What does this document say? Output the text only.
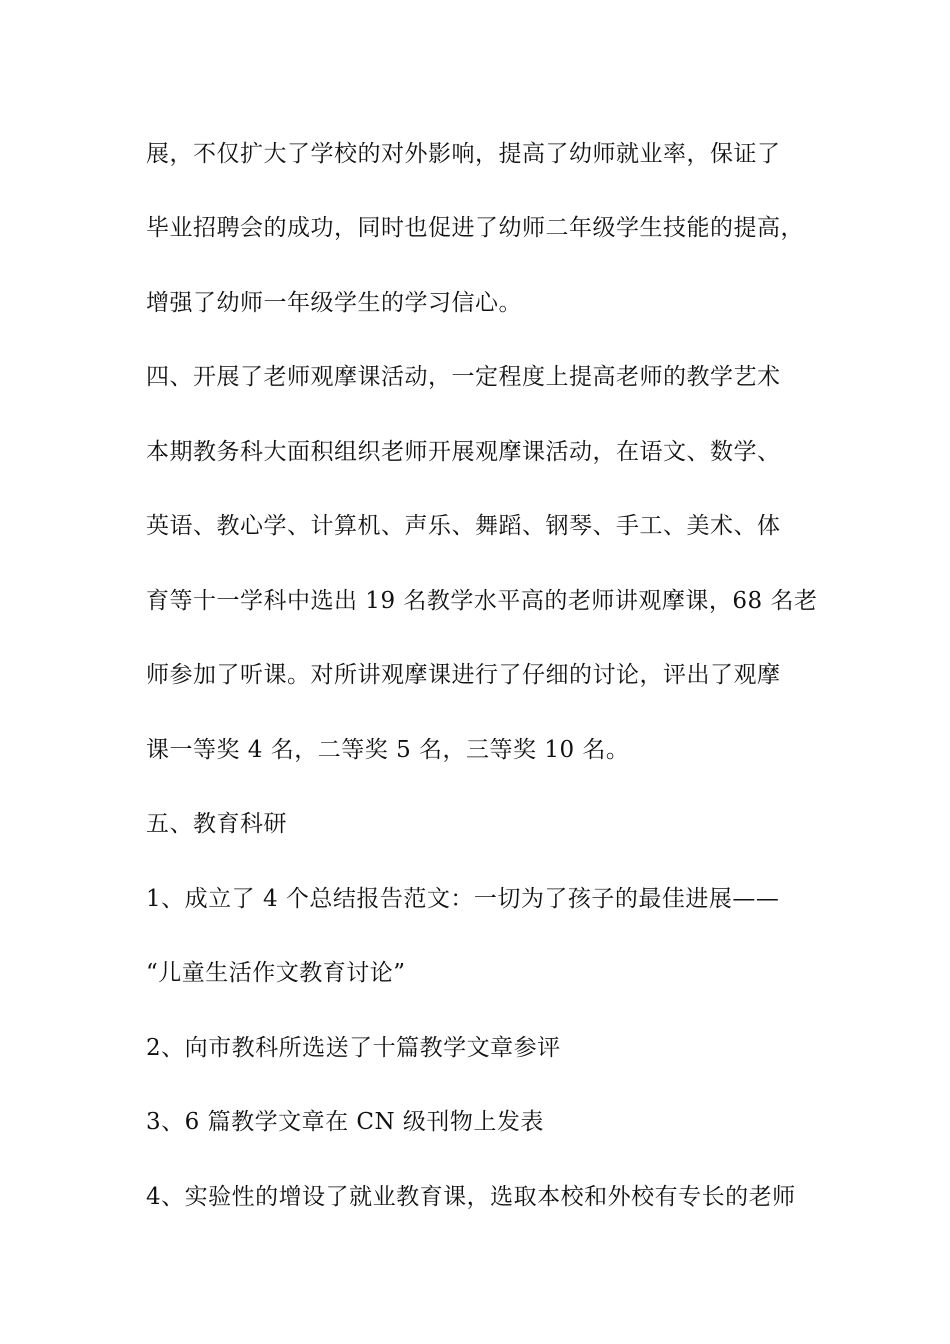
展，不仅扩大了学校的对外影响，提高了幼师就业率，保证了
毕业招聘会的成功，同时也促进了幼师二年级学生技能的提高，
增强了幼师一年级学生的学习信心。
四、开展了老师观摩课活动，一定程度上提高老师的教学艺术
本期教务科大面积组织老师开展观摩课活动，在语文、数学、
英语、教心学、计算机、声乐、舞蹈、钢琴、手工、美术、体
育等十一学科中选出 19 名教学水平高的老师讲观摩课，68 名老
师参加了听课。对所讲观摩课进行了仔细的讨论，评出了观摩
课一等奖 4 名，二等奖 5 名，三等奖 10 名。
五、教育科研
1、成立了 4 个总结报告范文：一切为了孩子的最佳进展——
“儿童生活作文教育讨论”
2、向市教科所选送了十篇教学文章参评
3、6 篇教学文章在 CN 级刊物上发表
4、实验性的增设了就业教育课，选取本校和外校有专长的老师
